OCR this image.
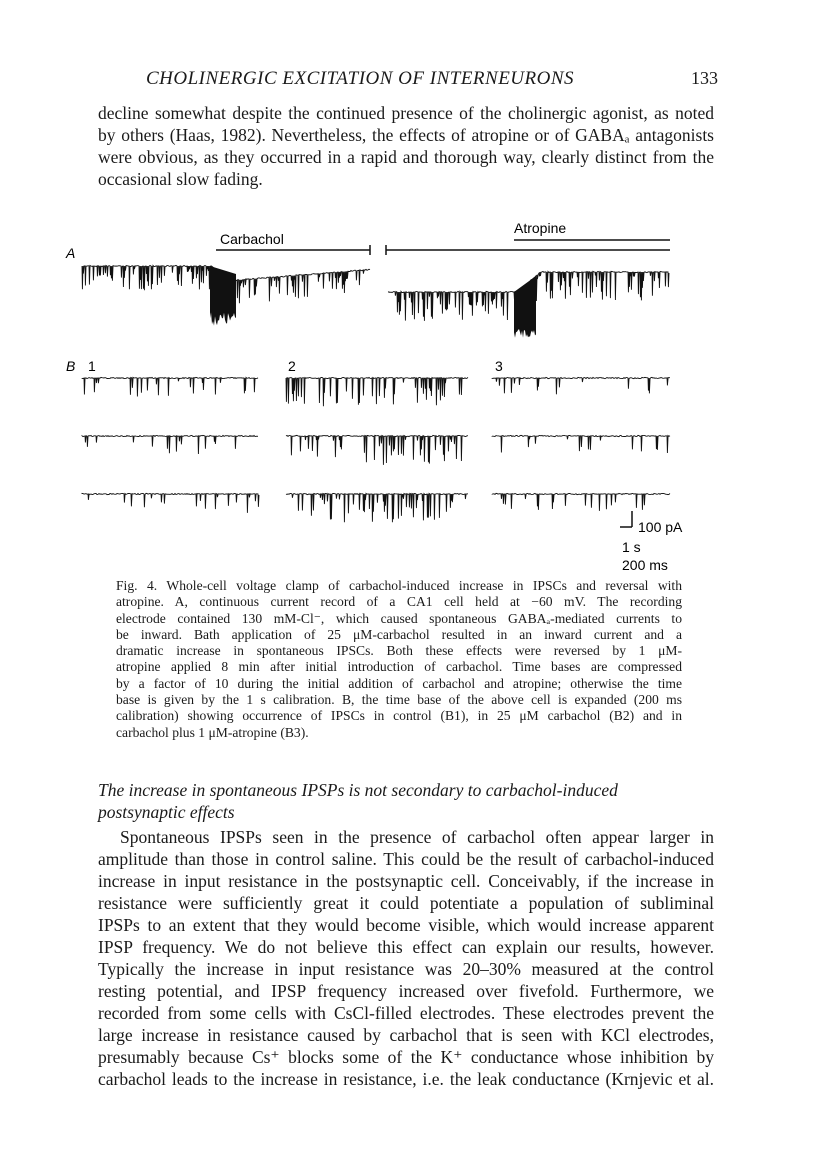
CHOLINERGIC EXCITATION OF INTERNEURONS	133
decline somewhat despite the continued presence of the cholinergic agonist, as noted
by others (Haas, 1982). Nevertheless, the effects of atropine or of GABAₐ antagonists
were obvious, as they occurred in a rapid and thorough way, clearly distinct from the
occasional slow fading.
A
Carbachol
Atropine
B 1	2	3
100 pA
1 s
200 ms
Fig. 4. Whole-cell voltage clamp of carbachol-induced increase in IPSCs and reversal with
atropine. A, continuous current record of a CA1 cell held at −60 mV. The recording
electrode contained 130 mM-Cl⁻, which caused spontaneous GABAₐ-mediated currents to
be inward. Bath application of 25 μM-carbachol resulted in an inward current and a
dramatic increase in spontaneous IPSCs. Both these effects were reversed by 1 μM-
atropine applied 8 min after initial introduction of carbachol. Time bases are compressed
by a factor of 10 during the initial addition of carbachol and atropine; otherwise the time
base is given by the 1 s calibration. B, the time base of the above cell is expanded (200 ms
calibration) showing occurrence of IPSCs in control (B1), in 25 μM carbachol (B2) and in
carbachol plus 1 μM-atropine (B3).
The increase in spontaneous IPSPs is not secondary to carbachol-induced
postsynaptic effects
Spontaneous IPSPs seen in the presence of carbachol often appear larger in
amplitude than those in control saline. This could be the result of carbachol-induced
increase in input resistance in the postsynaptic cell. Conceivably, if the increase in
resistance were sufficiently great it could potentiate a population of subliminal
IPSPs to an extent that they would become visible, which would increase apparent
IPSP frequency. We do not believe this effect can explain our results, however.
Typically the increase in input resistance was 20–30% measured at the control
resting potential, and IPSP frequency increased over fivefold. Furthermore, we
recorded from some cells with CsCl-filled electrodes. These electrodes prevent the
large increase in resistance caused by carbachol that is seen with KCl electrodes,
presumably because Cs⁺ blocks some of the K⁺ conductance whose inhibition by
carbachol leads to the increase in resistance, i.e. the leak conductance (Krnjevic et al.
